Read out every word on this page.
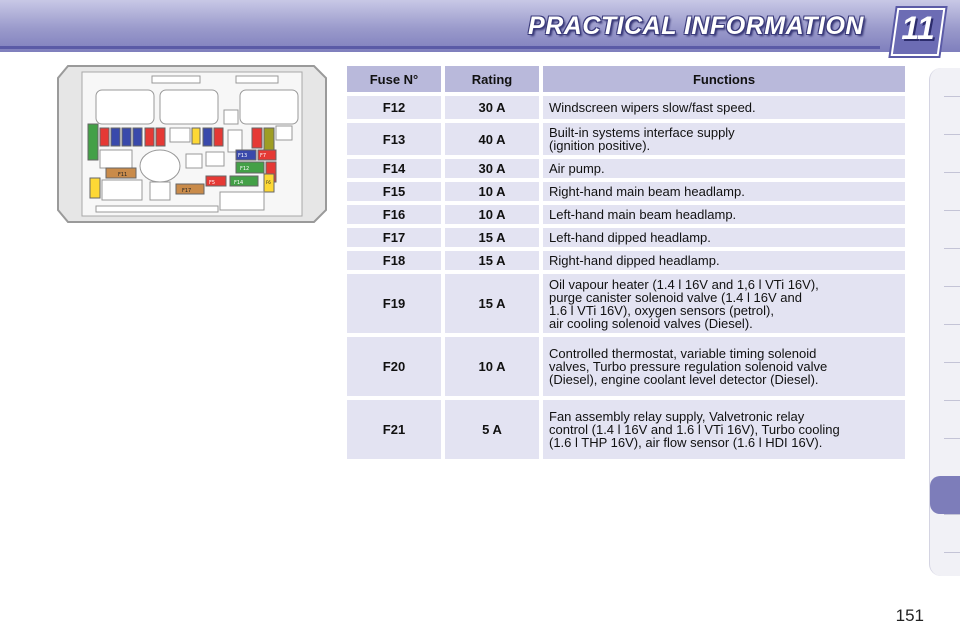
PRACTICAL INFORMATION 11
F11
F12
F13
F14
F17
F5
F7
F6
Fuse N°	Rating	Functions
F12	30 A	Windscreen wipers slow/fast speed.
F13	40 A	Built-in systems interface supply
(ignition positive).
F14	30 A	Air pump.
F15	10 A	Right-hand main beam headlamp.
F16	10 A	Left-hand main beam headlamp.
F17	15 A	Left-hand dipped headlamp.
F18	15 A	Right-hand dipped headlamp.
F19	15 A	Oil vapour heater (1.4 l 16V and 1,6 l VTi 16V),
purge canister solenoid valve (1.4 l 16V and
1.6 l VTi 16V), oxygen sensors (petrol),
air cooling solenoid valves (Diesel).
F20	10 A	Controlled thermostat, variable timing solenoid
valves, Turbo pressure regulation solenoid valve
(Diesel), engine coolant level detector (Diesel).
F21	5 A	Fan assembly relay supply, Valvetronic relay
control (1.4 l 16V and 1.6 l VTi 16V), Turbo cooling
(1.6 l THP 16V), air flow sensor (1.6 l HDI 16V).
151
